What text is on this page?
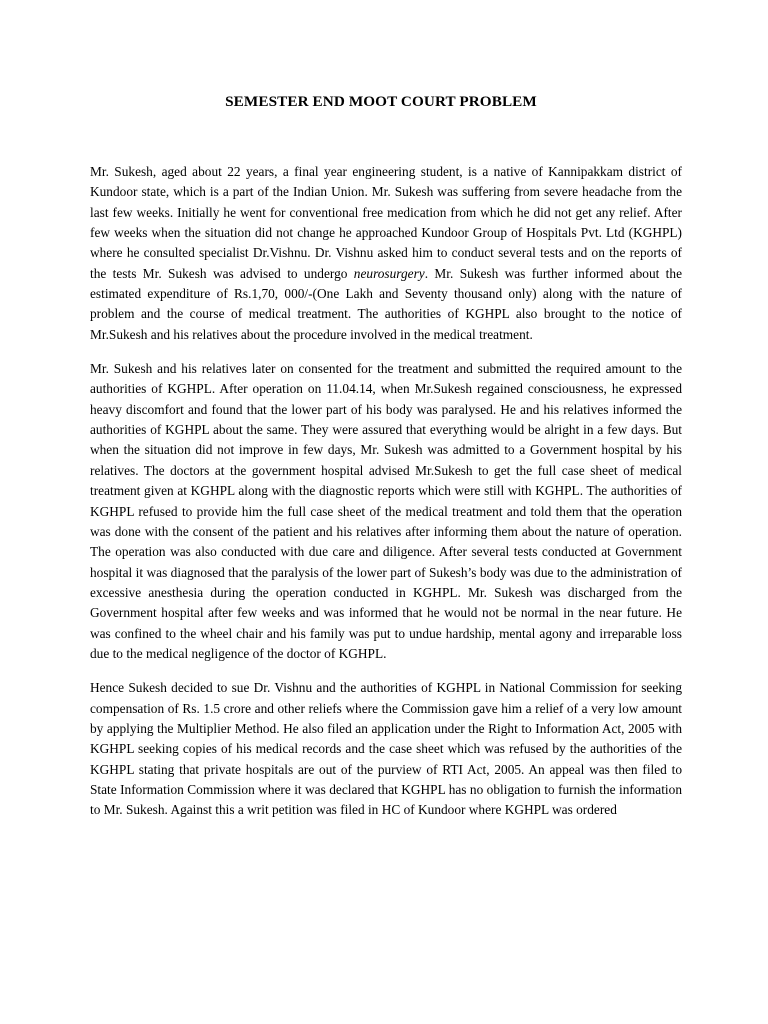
SEMESTER END MOOT COURT PROBLEM

Mr. Sukesh, aged about 22 years, a final year engineering student, is a native of Kannipakkam district of Kundoor state, which is a part of the Indian Union. Mr. Sukesh was suffering from severe headache from the last few weeks. Initially he went for conventional free medication from which he did not get any relief. After few weeks when the situation did not change he approached Kundoor Group of Hospitals Pvt. Ltd (KGHPL) where he consulted specialist Dr.Vishnu. Dr. Vishnu asked him to conduct several tests and on the reports of the tests Mr. Sukesh was advised to undergo neurosurgery. Mr. Sukesh was further informed about the estimated expenditure of Rs.1,70, 000/-(One Lakh and Seventy thousand only) along with the nature of problem and the course of medical treatment. The authorities of KGHPL also brought to the notice of Mr.Sukesh and his relatives about the procedure involved in the medical treatment.

Mr. Sukesh and his relatives later on consented for the treatment and submitted the required amount to the authorities of KGHPL. After operation on 11.04.14, when Mr.Sukesh regained consciousness, he expressed heavy discomfort and found that the lower part of his body was paralysed. He and his relatives informed the authorities of KGHPL about the same. They were assured that everything would be alright in a few days. But when the situation did not improve in few days, Mr. Sukesh was admitted to a Government hospital by his relatives. The doctors at the government hospital advised Mr.Sukesh to get the full case sheet of medical treatment given at KGHPL along with the diagnostic reports which were still with KGHPL. The authorities of KGHPL refused to provide him the full case sheet of the medical treatment and told them that the operation was done with the consent of the patient and his relatives after informing them about the nature of operation. The operation was also conducted with due care and diligence. After several tests conducted at Government hospital it was diagnosed that the paralysis of the lower part of Sukesh’s body was due to the administration of excessive anesthesia during the operation conducted in KGHPL. Mr. Sukesh was discharged from the Government hospital after few weeks and was informed that he would not be normal in the near future. He was confined to the wheel chair and his family was put to undue hardship, mental agony and irreparable loss due to the medical negligence of the doctor of KGHPL.

Hence Sukesh decided to sue Dr. Vishnu and the authorities of KGHPL in National Commission for seeking compensation of Rs. 1.5 crore and other reliefs where the Commission gave him a relief of a very low amount by applying the Multiplier Method. He also filed an application under the Right to Information Act, 2005 with KGHPL seeking copies of his medical records and the case sheet which was refused by the authorities of the KGHPL stating that private hospitals are out of the purview of RTI Act, 2005. An appeal was then filed to State Information Commission where it was declared that KGHPL has no obligation to furnish the information to Mr. Sukesh. Against this a writ petition was filed in HC of Kundoor where KGHPL was ordered
